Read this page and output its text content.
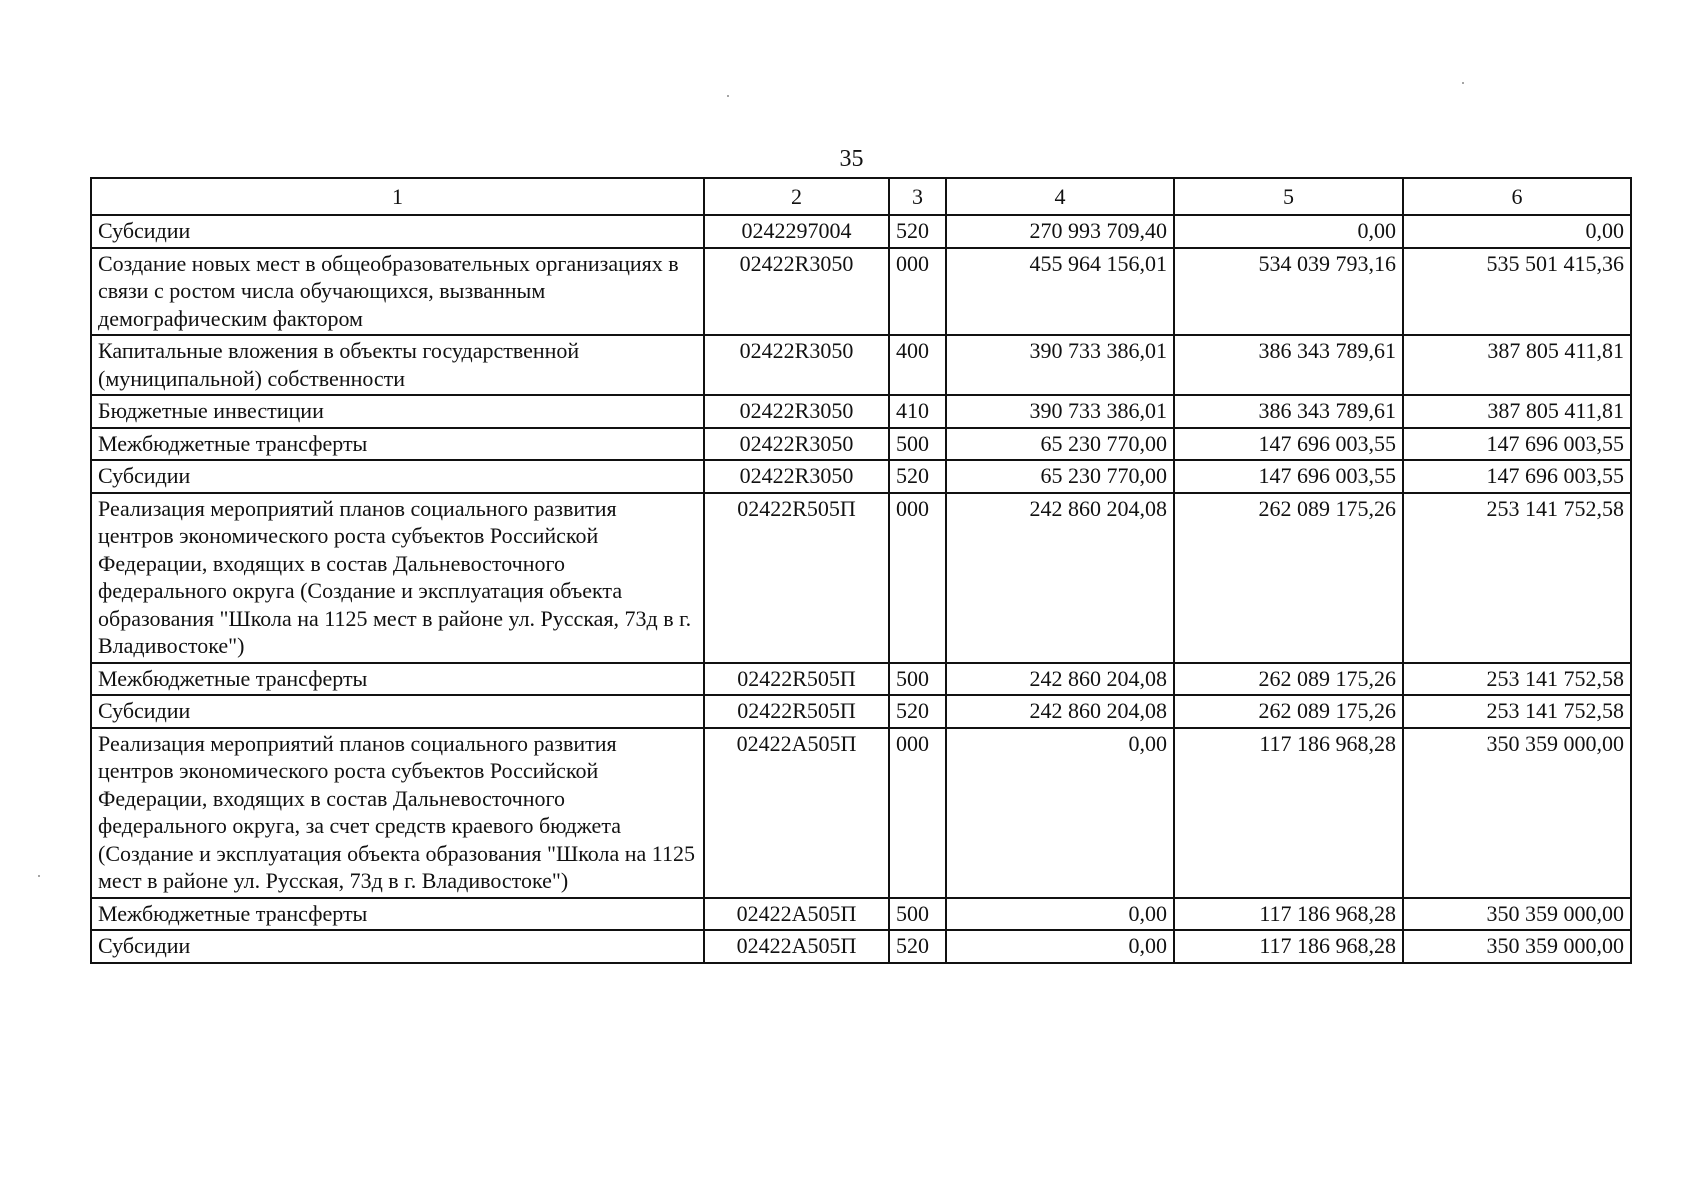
35
1	2	3	4	5	6
Субсидии	0242297004	520	270 993 709,40	0,00	0,00
Создание новых мест в общеобразовательных организациях в связи с ростом числа обучающихся, вызванным демографическим фактором	02422R3050	000	455 964 156,01	534 039 793,16	535 501 415,36
Капитальные вложения в объекты государственной (муниципальной) собственности	02422R3050	400	390 733 386,01	386 343 789,61	387 805 411,81
Бюджетные инвестиции	02422R3050	410	390 733 386,01	386 343 789,61	387 805 411,81
Межбюджетные трансферты	02422R3050	500	65 230 770,00	147 696 003,55	147 696 003,55
Субсидии	02422R3050	520	65 230 770,00	147 696 003,55	147 696 003,55
Реализация мероприятий планов социального развития центров экономического роста субъектов Российской Федерации, входящих в состав Дальневосточного федерального округа (Создание и эксплуатация объекта образования "Школа на 1125 мест в районе ул. Русская, 73д в г. Владивостоке")	02422R505П	000	242 860 204,08	262 089 175,26	253 141 752,58
Межбюджетные трансферты	02422R505П	500	242 860 204,08	262 089 175,26	253 141 752,58
Субсидии	02422R505П	520	242 860 204,08	262 089 175,26	253 141 752,58
Реализация мероприятий планов социального развития центров экономического роста субъектов Российской Федерации, входящих в состав Дальневосточного федерального округа, за счет средств краевого бюджета (Создание и эксплуатация объекта образования "Школа на 1125 мест в районе ул. Русская, 73д в г. Владивостоке")	02422А505П	000	0,00	117 186 968,28	350 359 000,00
Межбюджетные трансферты	02422А505П	500	0,00	117 186 968,28	350 359 000,00
Субсидии	02422А505П	520	0,00	117 186 968,28	350 359 000,00
